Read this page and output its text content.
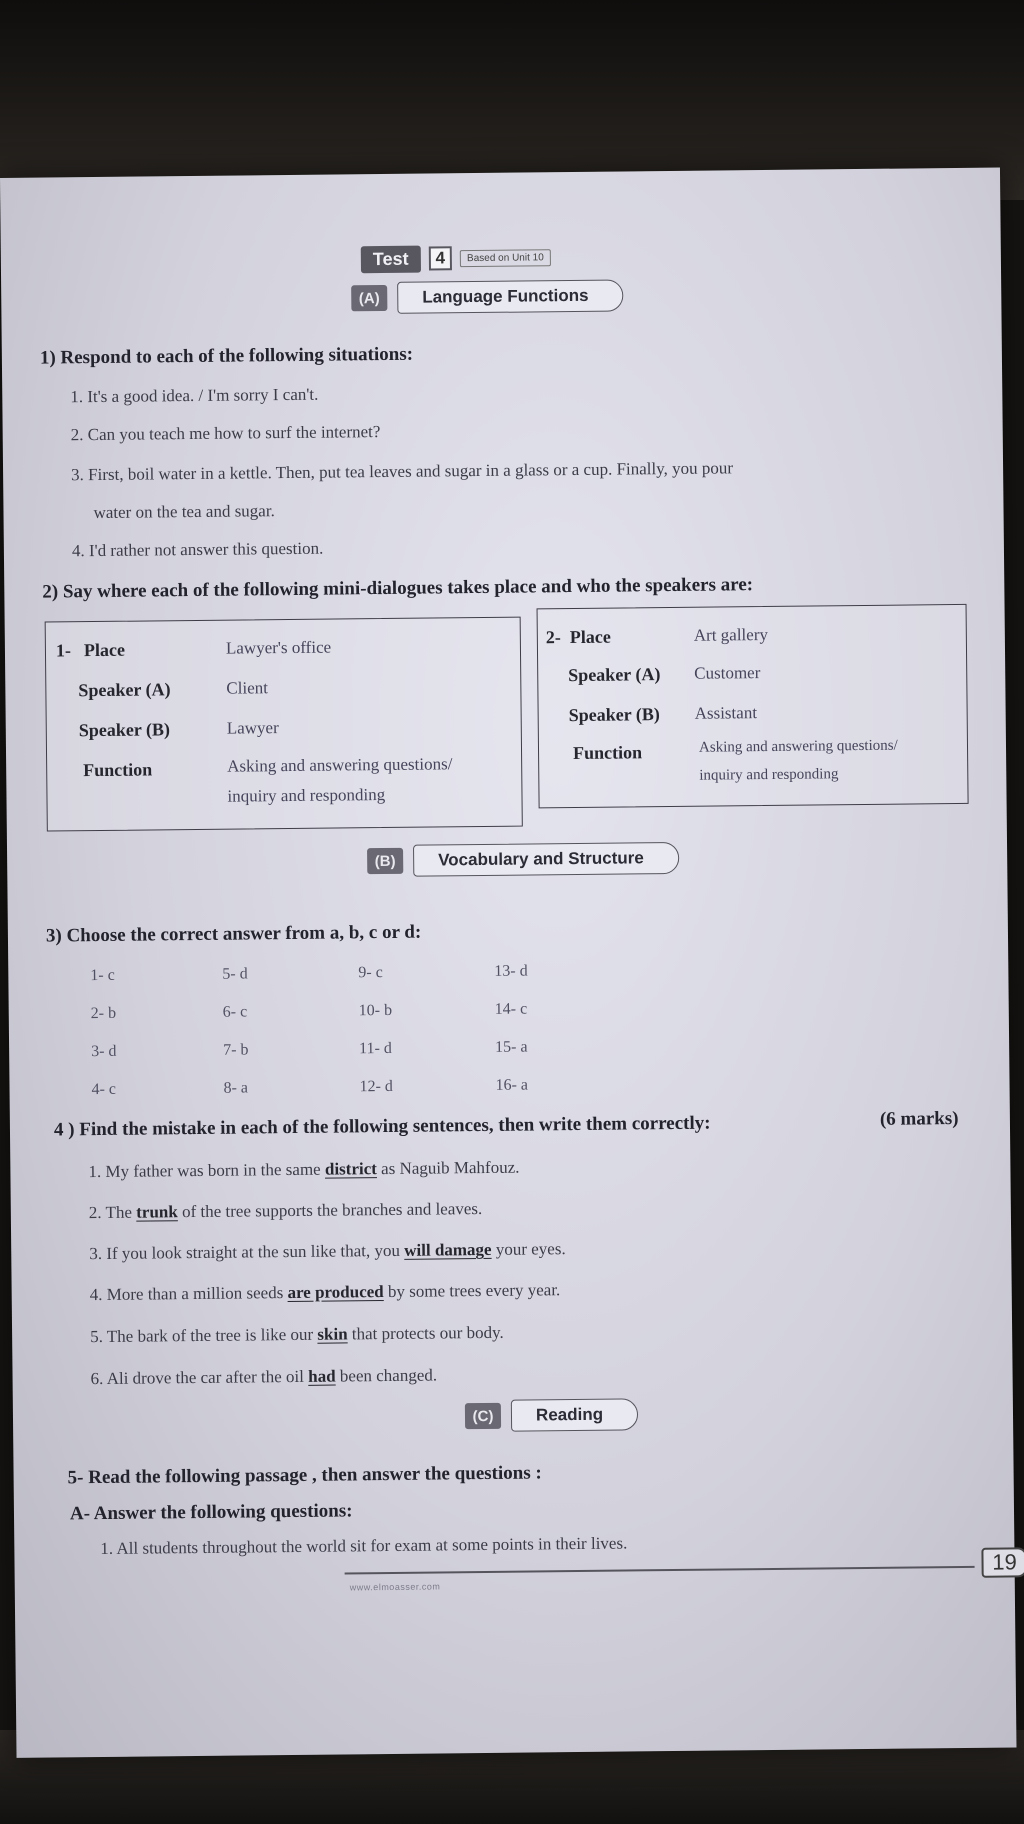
Test	4	Based on Unit 10
(A)	Language Functions
1) Respond to each of the following situations:
1. It's a good idea. / I'm sorry I can't.
2. Can you teach me how to surf the internet?
3. First, boil water in a kettle. Then, put tea leaves and sugar in a glass or a cup. Finally, you pour
water on the tea and sugar.
4. I'd rather not answer this question.
2) Say where each of the following mini-dialogues takes place and who the speakers are:
1- Place	Lawyer's office
Speaker (A)	Client
Speaker (B)	Lawyer
Function	Asking and answering questions/
inquiry and responding
2- Place	Art gallery
Speaker (A) Customer
Speaker (B) Assistant
Function	Asking and answering questions/
inquiry and responding
(B)	Vocabulary and Structure
3) Choose the correct answer from a, b, c or d:
1- c	5- d	9- c	13- d
2- b	6- c	10- b	14- c
3- d	7- b	11- d	15- a
4- c	8- a	12- d	16- a
4 ) Find the mistake in each of the following sentences, then write them correctly:	(6 marks)
1. My father was born in the same district as Naguib Mahfouz.
2. The trunk of the tree supports the branches and leaves.
3. If you look straight at the sun like that, you will damage your eyes.
4. More than a million seeds are produced by some trees every year.
5. The bark of the tree is like our skin that protects our body.
6. Ali drove the car after the oil had been changed.
(C)	Reading
5- Read the following passage , then answer the questions :
A- Answer the following questions:
1. All students throughout the world sit for exam at some points in their lives.
19
www.elmoasser.com
